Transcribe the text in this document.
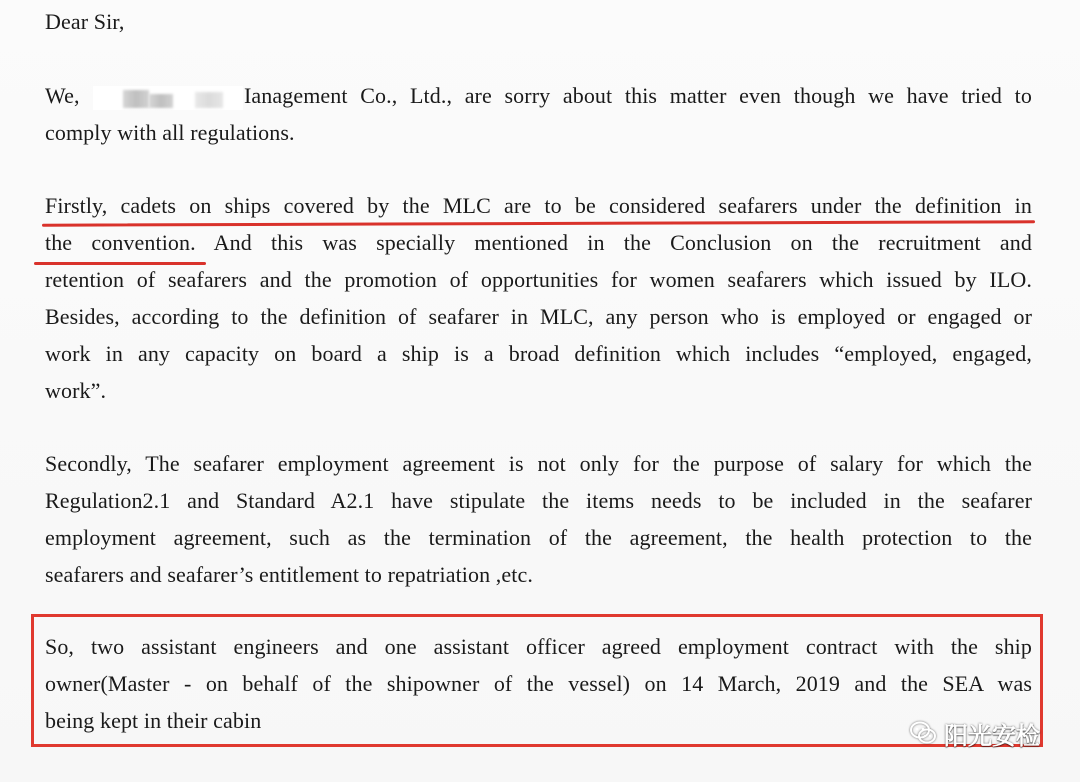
Dear Sir,
We,	Ianagement Co., Ltd., are sorry about this matter even though we have tried to
comply with all regulations.
Firstly, cadets on ships covered by the MLC are to be considered seafarers under the definition in
the convention. And this was specially mentioned in the Conclusion on the recruitment and
retention of seafarers and the promotion of opportunities for women seafarers which issued by ILO.
Besides, according to the definition of seafarer in MLC, any person who is employed or engaged or
work in any capacity on board a ship is a broad definition which includes “employed, engaged,
work”.
Secondly, The seafarer employment agreement is not only for the purpose of salary for which the
Regulation2.1 and Standard A2.1 have stipulate the items needs to be included in the seafarer
employment agreement, such as the termination of the agreement, the health protection to the
seafarers and seafarer’s entitlement to repatriation ,etc.
So, two assistant engineers and one assistant officer agreed employment contract with the ship
owner(Master - on behalf of the shipowner of the vessel) on 14 March, 2019 and the SEA was
being kept in their cabin
阳光安检
